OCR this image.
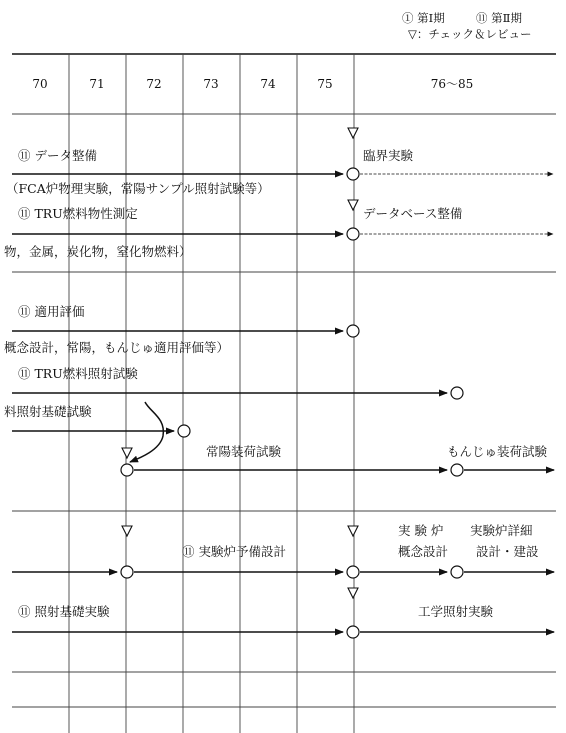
① 第Ⅰ期	⑪ 第Ⅱ期
▽：チェック＆レビュー
70	71	72	73	74	75	76～85
⑪ データ整備	臨界実験
（FCA炉物理実験，常陽サンプル照射試験等）
⑪ TRU燃料物性測定	データベース整備
物，金属，炭化物，窒化物燃料）
⑪ 適用評価
概念設計，常陽，もんじゅ適用評価等）
⑪ TRU燃料照射試験
料照射基礎試験
常陽装荷試験	もんじゅ装荷試験
実 験 炉 実験炉詳細
概念設計 設計・建設
⑪ 実験炉予備設計
⑪ 照射基礎実験	工学照射実験
